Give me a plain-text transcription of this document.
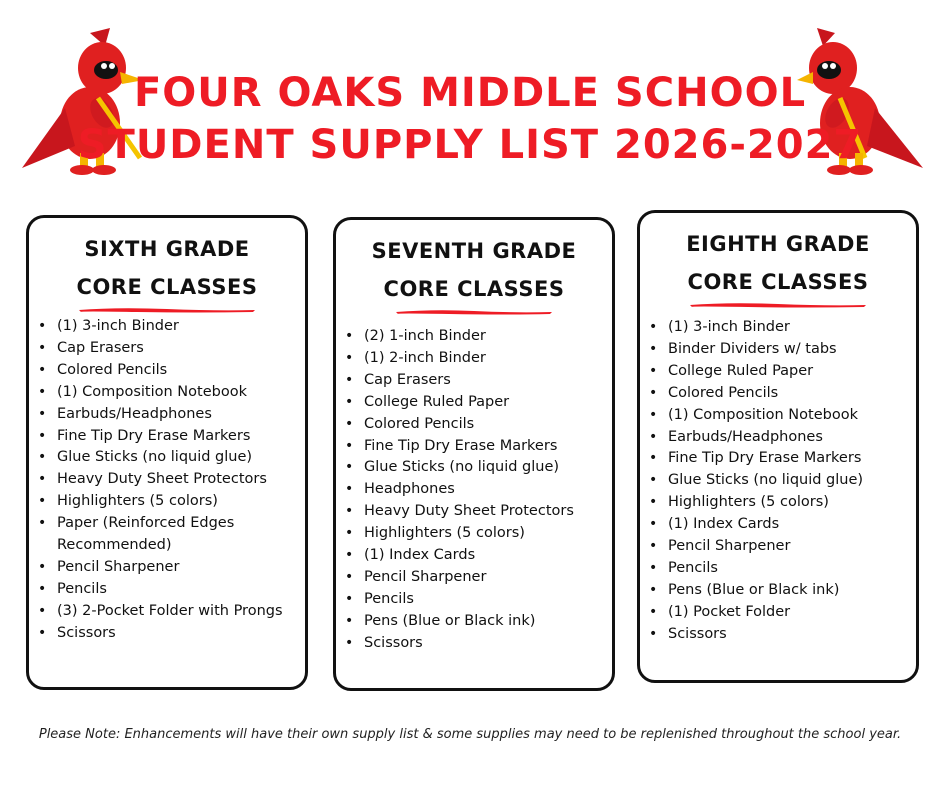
FOUR OAKS MIDDLE SCHOOL
STUDENT SUPPLY LIST 2026-2027
SIXTH GRADE
CORE CLASSES
• (1) 3-inch Binder
• Cap Erasers
• Colored Pencils
• (1) Composition Notebook
• Earbuds/Headphones
• Fine Tip Dry Erase Markers
• Glue Sticks (no liquid glue)
• Heavy Duty Sheet Protectors
• Highlighters (5 colors)
• Paper (Reinforced Edges Recommended)
• Pencil Sharpener
• Pencils
• (3) 2-Pocket Folder with Prongs
• Scissors
SEVENTH GRADE
CORE CLASSES
• (2) 1-inch Binder
• (1) 2-inch Binder
• Cap Erasers
• College Ruled Paper
• Colored Pencils
• Fine Tip Dry Erase Markers
• Glue Sticks (no liquid glue)
• Headphones
• Heavy Duty Sheet Protectors
• Highlighters (5 colors)
• (1) Index Cards
• Pencil Sharpener
• Pencils
• Pens (Blue or Black ink)
• Scissors
EIGHTH GRADE
CORE CLASSES
• (1) 3-inch Binder
• Binder Dividers w/ tabs
• College Ruled Paper
• Colored Pencils
• (1) Composition Notebook
• Earbuds/Headphones
• Fine Tip Dry Erase Markers
• Glue Sticks (no liquid glue)
• Highlighters (5 colors)
• (1) Index Cards
• Pencil Sharpener
• Pencils
• Pens (Blue or Black ink)
• (1) Pocket Folder
• Scissors

Please Note: Enhancements will have their own supply list & some supplies may need to be replenished throughout the school year.
